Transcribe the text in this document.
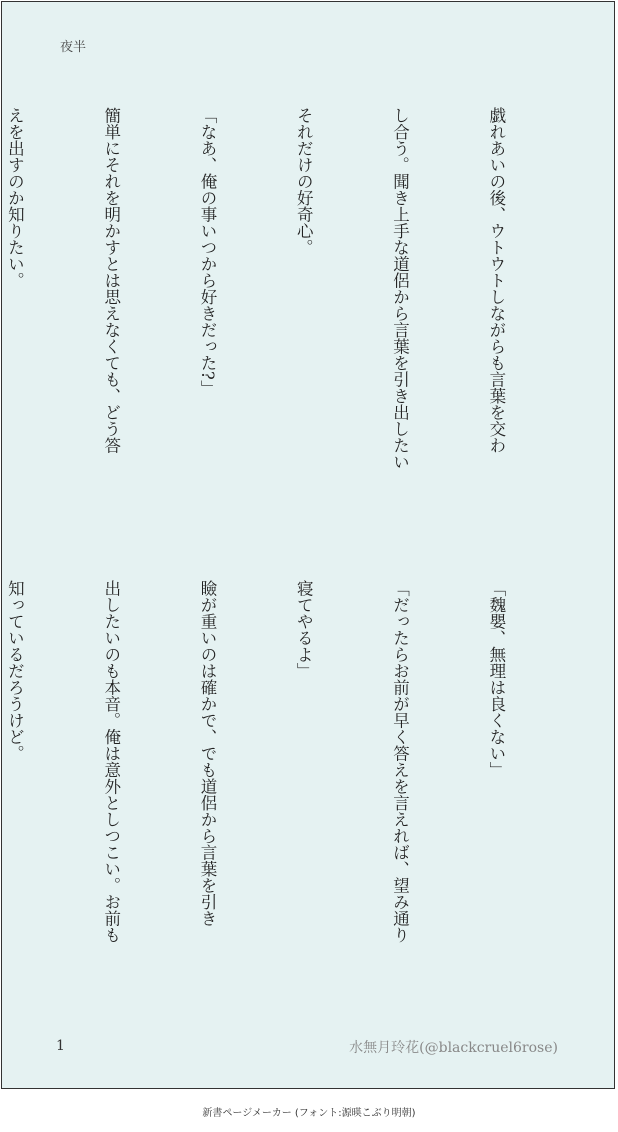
夜半

戯れあいの後、ウトウトしながらも言葉を交わ

し合う。聞き上手な道侶から言葉を引き出したい

それだけの好奇心。

「なあ、俺の事いつから好きだった?」

簡単にそれを明かすとは思えなくても、どう答

えを出すのか知りたい。

「魏嬰、無理は良くない」

「だったらお前が早く答えを言えれば、望み通り

寝てやるよ」

瞼が重いのは確かで、でも道侶から言葉を引き

出したいのも本音。俺は意外としつこい。お前も

知っているだろうけど。

1	水無月玲花(@blackcruel6rose)
新書ページメーカー (フォント:源暎こぶり明朝)
